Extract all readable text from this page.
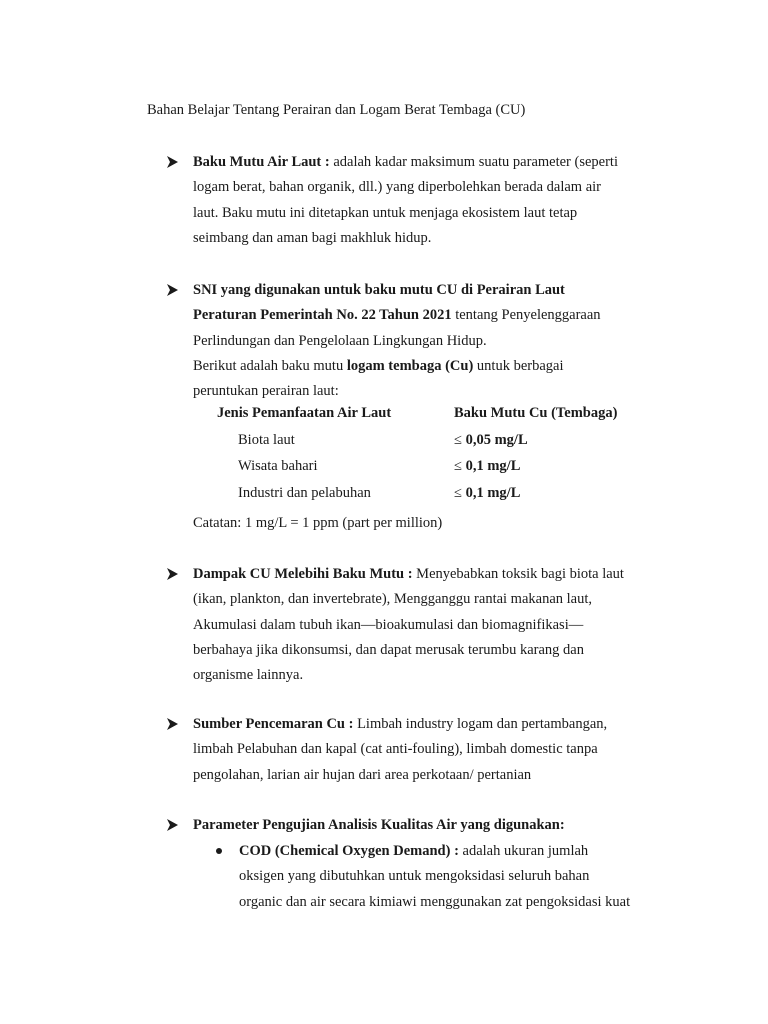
Bahan Belajar Tentang Perairan dan Logam Berat Tembaga (CU)
Baku Mutu Air Laut : adalah kadar maksimum suatu parameter (seperti
logam berat, bahan organik, dll.) yang diperbolehkan berada dalam air
laut. Baku mutu ini ditetapkan untuk menjaga ekosistem laut tetap
seimbang dan aman bagi makhluk hidup.
SNI yang digunakan untuk baku mutu CU di Perairan Laut
Peraturan Pemerintah No. 22 Tahun 2021 tentang Penyelenggaraan
Perlindungan dan Pengelolaan Lingkungan Hidup.
Berikut adalah baku mutu logam tembaga (Cu) untuk berbagai
peruntukan perairan laut:
Jenis Pemanfaatan Air Laut	Baku Mutu Cu (Tembaga)
Biota laut	≤ 0,05 mg/L
Wisata bahari	≤ 0,1 mg/L
Industri dan pelabuhan	≤ 0,1 mg/L
Catatan: 1 mg/L = 1 ppm (part per million)
Dampak CU Melebihi Baku Mutu : Menyebabkan toksik bagi biota laut
(ikan, plankton, dan invertebrate), Mengganggu rantai makanan laut,
Akumulasi dalam tubuh ikan—bioakumulasi dan biomagnifikasi—
berbahaya jika dikonsumsi, dan dapat merusak terumbu karang dan
organisme lainnya.
Sumber Pencemaran Cu : Limbah industry logam dan pertambangan,
limbah Pelabuhan dan kapal (cat anti-fouling), limbah domestic tanpa
pengolahan, larian air hujan dari area perkotaan/ pertanian
Parameter Pengujian Analisis Kualitas Air yang digunakan:
COD (Chemical Oxygen Demand) : adalah ukuran jumlah
oksigen yang dibutuhkan untuk mengoksidasi seluruh bahan
organic dan air secara kimiawi menggunakan zat pengoksidasi kuat
